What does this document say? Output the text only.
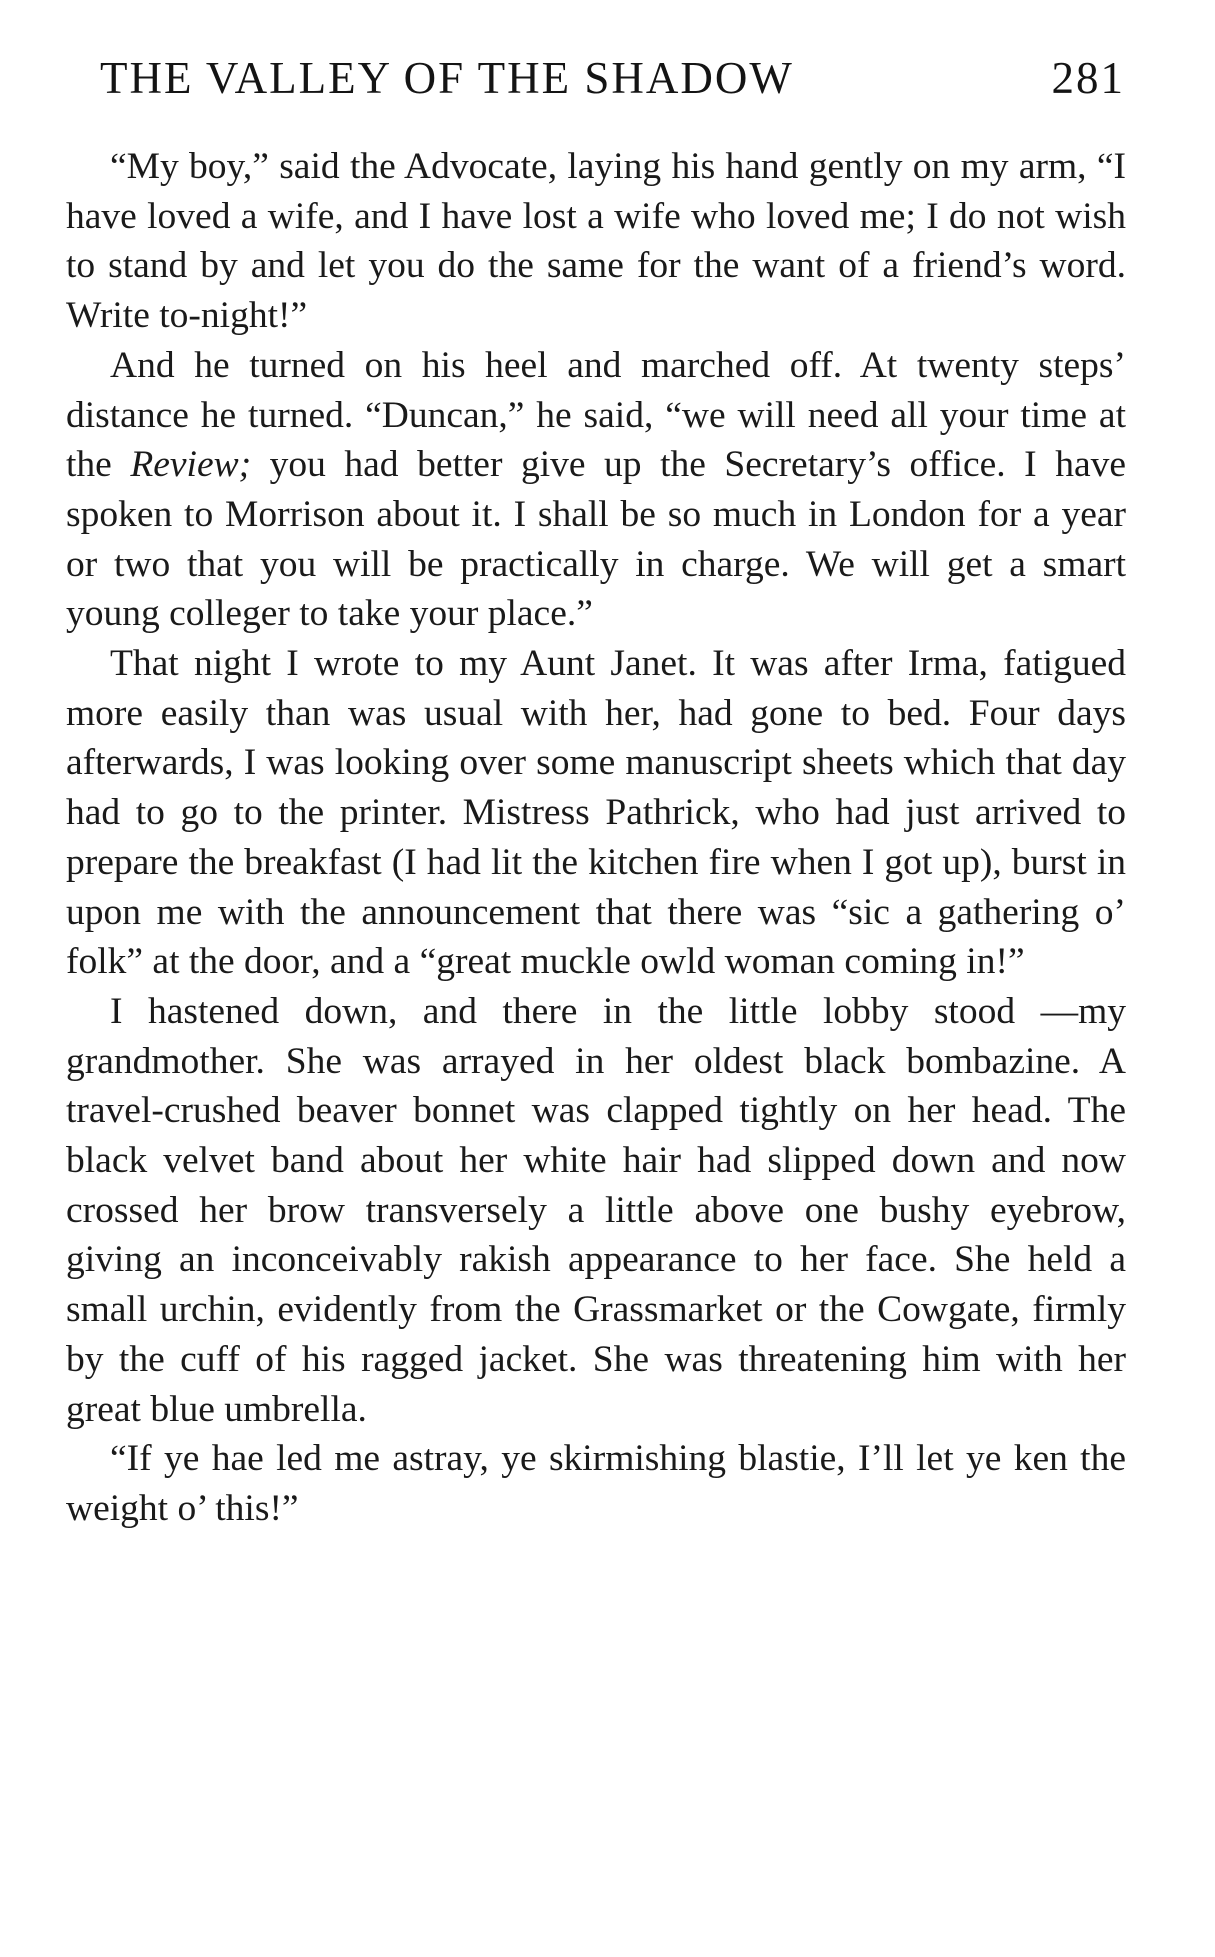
THE VALLEY OF THE SHADOW	281

“My boy,” said the Advocate, laying his hand gently on my arm, “I have loved a wife, and I have lost a wife who loved me; I do not wish to stand by and let you do the same for the want of a friend’s word. Write to-night!”

And he turned on his heel and marched off. At twenty steps’ distance he turned. “Duncan,” he said, “we will need all your time at the Review; you had better give up the Secretary’s office. I have spoken to Morrison about it. I shall be so much in London for a year or two that you will be practically in charge. We will get a smart young colleger to take your place.”

That night I wrote to my Aunt Janet. It was after Irma, fatigued more easily than was usual with her, had gone to bed. Four days afterwards, I was looking over some manuscript sheets which that day had to go to the printer. Mistress Pathrick, who had just arrived to prepare the breakfast (I had lit the kitchen fire when I got up), burst in upon me with the announcement that there was “sic a gathering o’ folk” at the door, and a “great muckle owld woman coming in!”

I hastened down, and there in the little lobby stood —my grandmother. She was arrayed in her oldest black bombazine. A travel-crushed beaver bonnet was clapped tightly on her head. The black velvet band about her white hair had slipped down and now crossed her brow transversely a little above one bushy eyebrow, giving an inconceivably rakish appearance to her face. She held a small urchin, evidently from the Grassmarket or the Cowgate, firmly by the cuff of his ragged jacket. She was threatening him with her great blue umbrella.

“If ye hae led me astray, ye skirmishing blastie, I’ll let ye ken the weight o’ this!”
